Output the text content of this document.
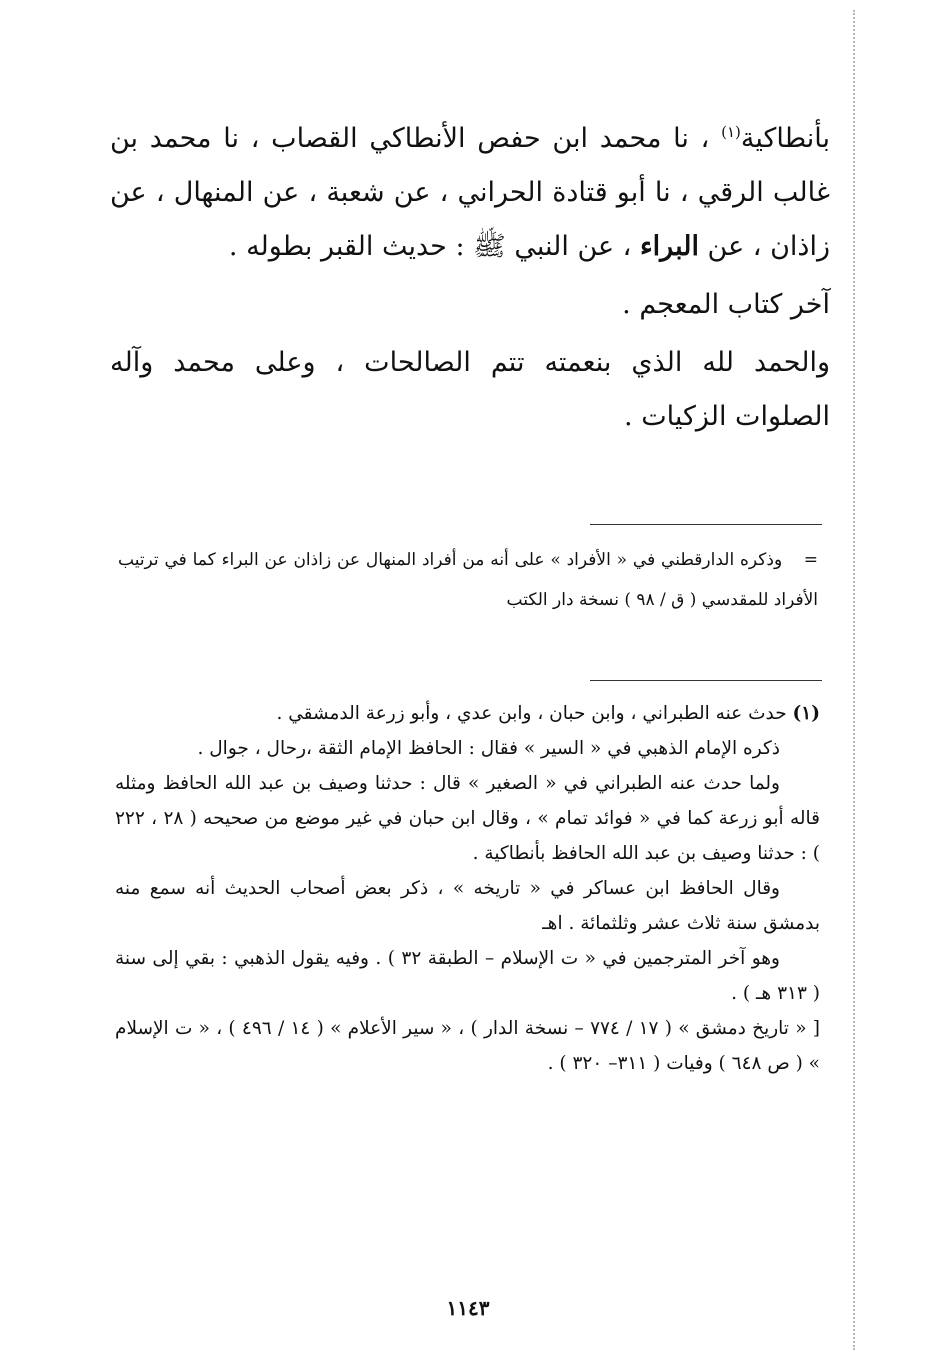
بأنطاكية$^{(١)}$ ، نا محمد ابن حفص الأنطاكي القصاب ، نا محمد بن غالب الرقي ، نا أبو قتادة الحراني ، عن شعبة ، عن المنهال ، عن زاذان ، عن البراء ، عن النبي ﷺ : حديث القبر بطوله .

آخر كتاب المعجم .

والحمد لله الذي بنعمته تتم الصالحات ، وعلى محمد وآله الصلوات الزكيات .

= وذكره الدارقطني في « الأفراد » على أنه من أفراد المنهال عن زاذان عن البراء كما في ترتيب الأفراد للمقدسي ( ق / ٩٨ ) نسخة دار الكتب

(١) حدث عنه الطبراني ، وابن حبان ، وابن عدي ، وأبو زرعة الدمشقي .

ذكره الإمام الذهبي في « السير » فقال : الحافظ الإمام الثقة ،رحال ، جوال .

ولما حدث عنه الطبراني في « الصغير » قال : حدثنا وصيف بن عبد الله الحافظ ومثله قاله أبو زرعة كما في « فوائد تمام » ، وقال ابن حبان في غير موضع من صحيحه ( ٢٨ ، ٢٢٢ ) : حدثنا وصيف بن عبد الله الحافظ بأنطاكية .

وقال الحافظ ابن عساكر في « تاريخه » ، ذكر بعض أصحاب الحديث أنه سمع منه بدمشق سنة ثلاث عشر وثلثمائة . اهـ

وهو آخر المترجمين في « ت الإسلام – الطبقة ٣٢ ) . وفيه يقول الذهبي : بقي إلى سنة ( ٣١٣ هـ ) .

[ « تاريخ دمشق » ( ١٧ / ٧٧٤ – نسخة الدار ) ، « سير الأعلام » ( ١٤ / ٤٩٦ ) ، « ت الإسلام » ( ص ٦٤٨ ) وفيات ( ٣١١– ٣٢٠ ) .

١١٤٣
